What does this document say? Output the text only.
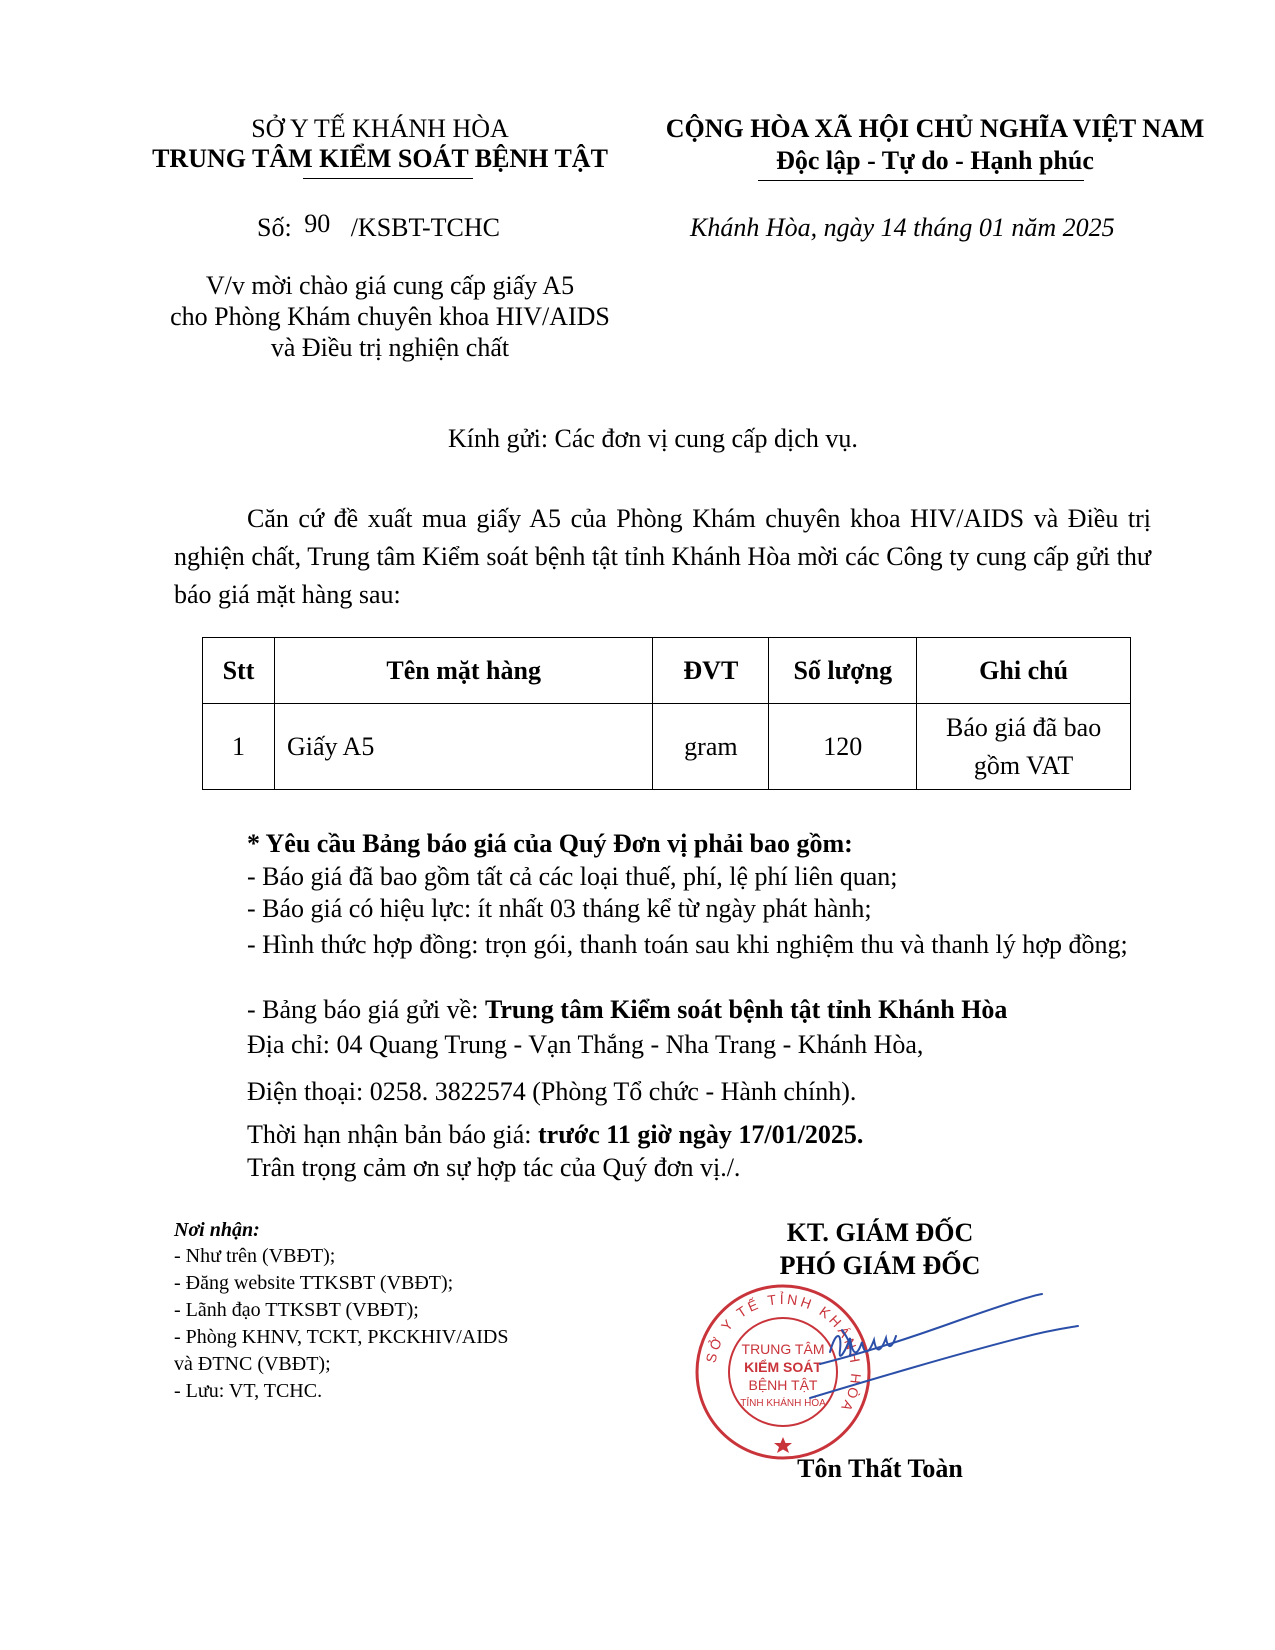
SỞ Y TẾ KHÁNH HÒA
TRUNG TÂM KIỂM SOÁT BỆNH TẬT
CỘNG HÒA XÃ HỘI CHỦ NGHĨA VIỆT NAM
Độc lập - Tự do - Hạnh phúc
Số: 90 /KSBT-TCHC	Khánh Hòa, ngày 14 tháng 01 năm 2025
V/v mời chào giá cung cấp giấy A5
cho Phòng Khám chuyên khoa HIV/AIDS
và Điều trị nghiện chất
Kính gửi: Các đơn vị cung cấp dịch vụ.
Căn cứ đề xuất mua giấy A5 của Phòng Khám chuyên khoa HIV/AIDS và Điều trị nghiện chất, Trung tâm Kiểm soát bệnh tật tỉnh Khánh Hòa mời các Công ty cung cấp gửi thư báo giá mặt hàng sau:
Stt	Tên mặt hàng	ĐVT	Số lượng	Ghi chú
1	Giấy A5	gram	120	Báo giá đã bao gồm VAT
* Yêu cầu Bảng báo giá của Quý Đơn vị phải bao gồm:
- Báo giá đã bao gồm tất cả các loại thuế, phí, lệ phí liên quan;
- Báo giá có hiệu lực: ít nhất 03 tháng kể từ ngày phát hành;
- Hình thức hợp đồng: trọn gói, thanh toán sau khi nghiệm thu và thanh lý hợp đồng;
- Bảng báo giá gửi về: Trung tâm Kiểm soát bệnh tật tỉnh Khánh Hòa
Địa chỉ: 04 Quang Trung - Vạn Thắng - Nha Trang - Khánh Hòa,
Điện thoại: 0258. 3822574 (Phòng Tổ chức - Hành chính).
Thời hạn nhận bản báo giá: trước 11 giờ ngày 17/01/2025.
Trân trọng cảm ơn sự hợp tác của Quý đơn vị./.
Nơi nhận:
- Như trên (VBĐT);
- Đăng website TTKSBT (VBĐT);
- Lãnh đạo TTKSBT (VBĐT);
- Phòng KHNV, TCKT, PKCKHIV/AIDS
và ĐTNC (VBĐT);
- Lưu: VT, TCHC.
KT. GIÁM ĐỐC
PHÓ GIÁM ĐỐC
SỞ Y TẾ TỈNH KHÁNH HÒA
TRUNG TÂM
KIỂM SOÁT
BỆNH TẬT
TỈNH KHÁNH HÒA
Tôn Thất Toàn
